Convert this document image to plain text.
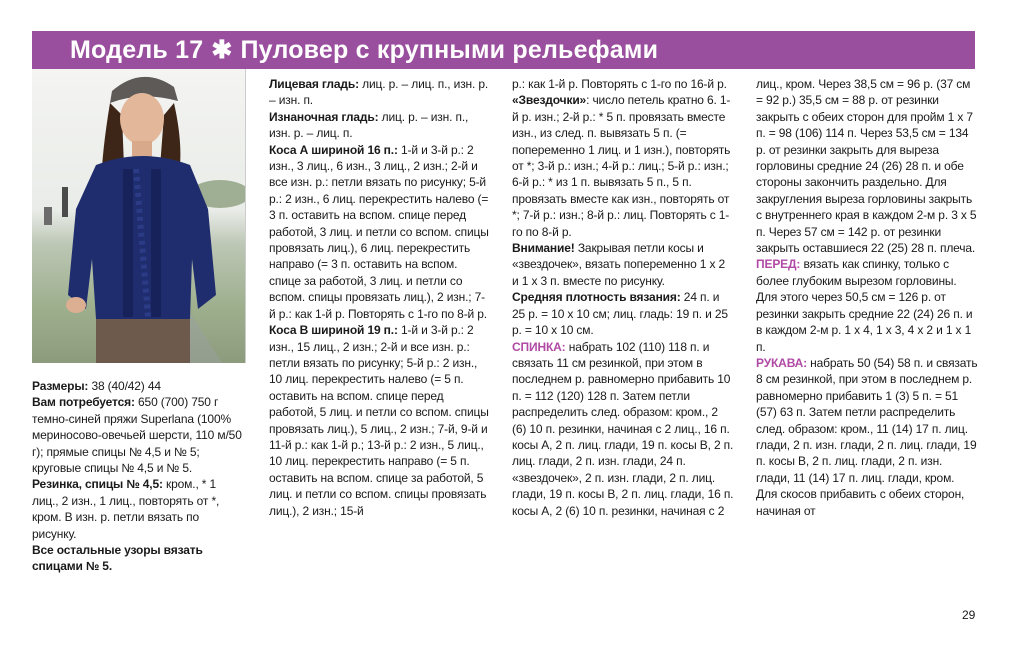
Модель 17 ✱ Пуловер с крупными рельефами

Размеры: 38 (40/42) 44

Вам потребуется: 650 (700) 750 г темно-синей пряжи Superlana (100% мериносово-овечьей шерсти, 110 м/50 г); прямые спицы № 4,5 и № 5; круговые спицы № 4,5 и № 5.

Резинка, спицы № 4,5: кром., * 1 лиц., 2 изн., 1 лиц., повторять от *, кром. В изн. р. петли вязать по рисунку.

Все остальные узоры вязать спицами № 5.

Лицевая гладь: лиц. р. – лиц. п., изн. р. – изн. п.

Изнаночная гладь: лиц. р. – изн. п., изн. р. – лиц. п.

Коса А шириной 16 п.: 1-й и 3-й р.: 2 изн., 3 лиц., 6 изн., 3 лиц., 2 изн.; 2-й и все изн. р.: петли вязать по рисунку; 5-й р.: 2 изн., 6 лиц. перекрестить налево (= 3 п. оставить на вспом. спице перед работой, 3 лиц. и петли со вспом. спицы провязать лиц.), 6 лиц. перекрестить направо (= 3 п. оставить на вспом. спице за работой, 3 лиц. и петли со вспом. спицы провязать лиц.), 2 изн.; 7-й р.: как 1-й р. Повторять с 1-го по 8-й р.

Коса В шириной 19 п.: 1-й и 3-й р.: 2 изн., 15 лиц., 2 изн.; 2-й и все изн. р.: петли вязать по рисунку; 5-й р.: 2 изн., 10 лиц. перекрестить налево (= 5 п. оставить на вспом. спице перед работой, 5 лиц. и петли со вспом. спицы провязать лиц.), 5 лиц., 2 изн.; 7-й, 9-й и 11-й р.: как 1-й р.; 13-й р.: 2 изн., 5 лиц., 10 лиц. перекрестить направо (= 5 п. оставить на вспом. спице за работой, 5 лиц. и петли со вспом. спицы провязать лиц.), 2 изн.; 15-й

р.: как 1-й р. Повторять с 1-го по 16-й р.

«Звездочки»: число петель кратно 6. 1-й р. изн.; 2-й р.: * 5 п. провязать вместе изн., из след. п. вывязать 5 п. (= попеременно 1 лиц. и 1 изн.), повторять от *; 3-й р.: изн.; 4-й р.: лиц.; 5-й р.: изн.; 6-й р.: * из 1 п. вывязать 5 п., 5 п. провязать вместе как изн., повторять от *; 7-й р.: изн.; 8-й р.: лиц. Повторять с 1-го по 8-й р.

Внимание! Закрывая петли косы и «звездочек», вязать попеременно 1 х 2 и 1 х 3 п. вместе по рисунку.

Средняя плотность вязания: 24 п. и 25 р. = 10 х 10 см; лиц. гладь: 19 п. и 25 р. = 10 х 10 см.

СПИНКА: набрать 102 (110) 118 п. и связать 11 см резинкой, при этом в последнем р. равномерно прибавить 10 п. = 112 (120) 128 п. Затем петли распределить след. образом: кром., 2 (6) 10 п. резинки, начиная с 2 лиц., 16 п. косы А, 2 п. лиц. глади, 19 п. косы В, 2 п. лиц. глади, 2 п. изн. глади, 24 п. «звездочек», 2 п. изн. глади, 2 п. лиц. глади, 19 п. косы В, 2 п. лиц. глади, 16 п. косы А, 2 (6) 10 п. резинки, начиная с 2

лиц., кром. Через 38,5 см = 96 р. (37 см = 92 р.) 35,5 см = 88 р. от резинки закрыть с обеих сторон для пройм 1 х 7 п. = 98 (106) 114 п. Через 53,5 см = 134 р. от резинки закрыть для выреза горловины средние 24 (26) 28 п. и обе стороны закончить раздельно. Для закругления выреза горловины закрыть с внутреннего края в каждом 2-м р. 3 х 5 п. Через 57 см = 142 р. от резинки закрыть оставшиеся 22 (25) 28 п. плеча.

ПЕРЕД: вязать как спинку, только с более глубоким вырезом горловины. Для этого через 50,5 см = 126 р. от резинки закрыть средние 22 (24) 26 п. и в каждом 2-м р. 1 х 4, 1 х 3, 4 х 2 и 1 х 1 п.

РУКАВА: набрать 50 (54) 58 п. и связать 8 см резинкой, при этом в последнем р. равномерно прибавить 1 (3) 5 п. = 51 (57) 63 п. Затем петли распределить след. образом: кром., 11 (14) 17 п. лиц. глади, 2 п. изн. глади, 2 п. лиц. глади, 19 п. косы В, 2 п. лиц. глади, 2 п. изн. глади, 11 (14) 17 п. лиц. глади, кром. Для скосов прибавить с обеих сторон, начиная от

29
